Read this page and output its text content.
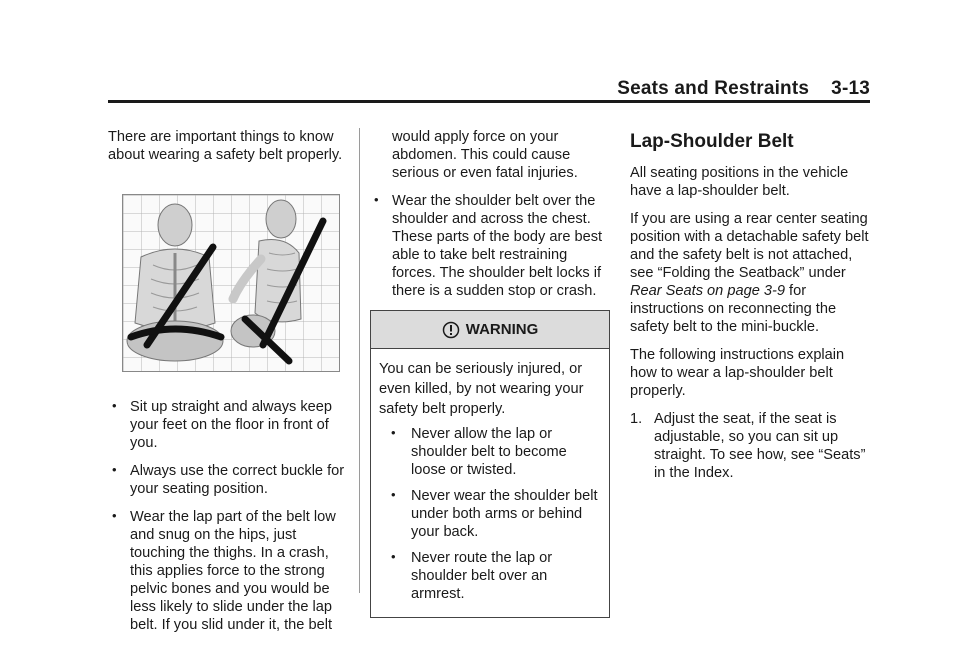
Seats and Restraints 3-13

There are important things to know about wearing a safety belt properly.

• Sit up straight and always keep your feet on the floor in front of you.
• Always use the correct buckle for your seating position.
• Wear the lap part of the belt low and snug on the hips, just touching the thighs. In a crash, this applies force to the strong pelvic bones and you would be less likely to slide under the lap belt. If you slid under it, the belt

would apply force on your abdomen. This could cause serious or even fatal injuries.

• Wear the shoulder belt over the shoulder and across the chest. These parts of the body are best able to take belt restraining forces. The shoulder belt locks if there is a sudden stop or crash.
WARNING

You can be seriously injured, or even killed, by not wearing your safety belt properly.

• Never allow the lap or shoulder belt to become loose or twisted.
• Never wear the shoulder belt under both arms or behind your back.
• Never route the lap or shoulder belt over an armrest.
Lap-Shoulder Belt

All seating positions in the vehicle have a lap-shoulder belt.

If you are using a rear center seating position with a detachable safety belt and the safety belt is not attached, see “Folding the Seatback” under Rear Seats on page 3-9 for instructions on reconnecting the safety belt to the mini-buckle.

The following instructions explain how to wear a lap-shoulder belt properly.

1. Adjust the seat, if the seat is adjustable, so you can sit up straight. To see how, see “Seats” in the Index.
